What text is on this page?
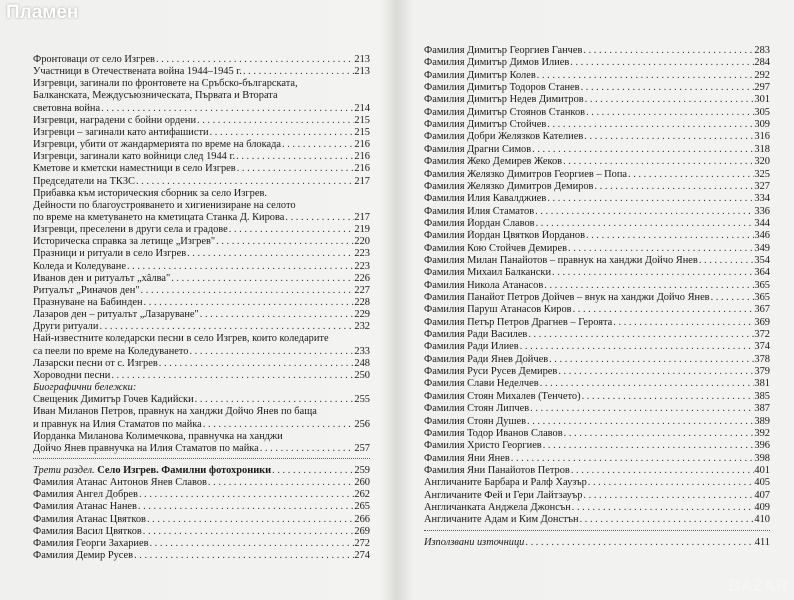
Пламен
Фронтоваци от село Изгрев . . .	213
Участници в Отечествената война 1944–1945 г. . . .	213
Изгревци, загинали по фронтовете на Сръбско-българската,
Балканската, Междусъюзническата, Първата и Втората
световна война . . .	214
Изгревци, наградени с бойни ордени . . .	215
Изгревци – загинали като антифашисти . . .	215
Изгревци, убити от жандармерията по време на блокада . . .	216
Изгревци, загинали като войници след 1944 г. . . .	216
Кметове и кметски наместници в село Изгрев . . .	216
Председатели на ТКЗС . . .	217
Прибавка към историческия сборник за село Изгрев.
Дейности по благоустрояването и хигиенизиране на селото
по време на кметуването на кметицата Станка Д. Кирова . . .	217
Изгревци, преселени в други села и градове . . .	219
Историческа справка за летище „Изгрев" . . .	220
Празници и ритуали в село Изгрев . . .	223
Коледа и Коледуване . . .	223
Иванов ден и ритуалът „хâлва" . . .	226
Ритуалът „Риначов ден" . . .	227
Празнуване на Бабинден . . .	228
Лазаров ден – ритуалът „Лазаруване" . . .	229
Други ритуали . . .	232
Най-известните коледарски песни в село Изгрев, които коледарите
са пеели по време на Коледуването . . .	233
Лазарски песни от с. Изгрев . . .	248
Хороводни песни . . .	250
Биографични бележки:
Свещеник Димитър Гочев Кадийски . . .	255
Иван Миланов Петров, правнук на ханджи Дойчо Янев по баща
и правнук на Илия Стаматов по майка . . .	256
Йорданка Миланова Колимечкова, правнучка на ханджи
Дойчо Янев правнучка на Илия Стаматов по майка . . .	257
Трети раздел. Село Изгрев. Фамилни фотохроники . . .	259
Фамилия Атанас Антонов Янев Славов . . .	260
Фамилия Ангел Добрев . . .	262
Фамилия Атанас Нанев . . .	265
Фамилия Атанас Цвятков . . .	266
Фамилия Васил Цвятков . . .	269
Фамилия Георги Захариев . . .	272
Фамилия Демир Русев . . .	274
Фамилия Димитър Георгиев Ганчев . . .	283
Фамилия Димитър Димов Илиев . . .	284
Фамилия Димитър Колев . . .	292
Фамилия Димитър Тодоров Станев . . .	297
Фамилия Димитър Недев Димитров . . .	301
Фамилия Димитър Стоянов Станков . . .	305
Фамилия Димитър Стойчев . . .	309
Фамилия Добри Желязков Кателиев . . .	316
Фамилия Драгни Симов . . .	318
Фамилия Жеко Демирев Жеков . . .	320
Фамилия Желязко Димитров Георгиев – Попа . . .	325
Фамилия Желязко Димитров Демиров . . .	327
Фамилия Илия Кавалджиев . . .	334
Фамилия Илия Стаматов . . .	336
Фамилия Йордан Славов . . .	344
Фамилия Йордан Цвятков Йорданов . . .	346
Фамилия Кою Стойчев Демирев . . .	349
Фамилия Милан Панайотов – правнук на ханджи Дойчо Янев . . .	354
Фамилия Михаил Балкански . . .	364
Фамилия Никола Атанасов . . .	365
Фамилия Панайот Петров Дойчев – внук на ханджи Дойчо Янев . . .	365
Фамилия Паруш Атанасов Киров . . .	367
Фамилия Петър Петров Драгнев – Героята . . .	369
Фамилия Ради Василев . . .	372
Фамилия Ради Илиев . . .	374
Фамилия Ради Янев Дойчев . . .	378
Фамилия Руси Русев Демирев . . .	379
Фамилия Слави Неделчев . . .	381
Фамилия Стоян Михалев (Тенчето) . . .	385
Фамилия Стоян Липчев . . .	387
Фамилия Стоян Душев . . .	389
Фамилия Тодор Иванов Славов . . .	392
Фамилия Христо Георгиев . . .	396
Фамилия Яни Янев . . .	398
Фамилия Яни Панайотов Петров . . .	401
Англичаните Барбара и Ралф Хаузър . . .	405
Англичаните Фей и Гери Лайтзауър . . .	407
Англичанката Анджела Джонсън . . .	409
Англичаните Адам и Ким Донстън . . .	410
Използвани източници . . .	411
BAZAR
